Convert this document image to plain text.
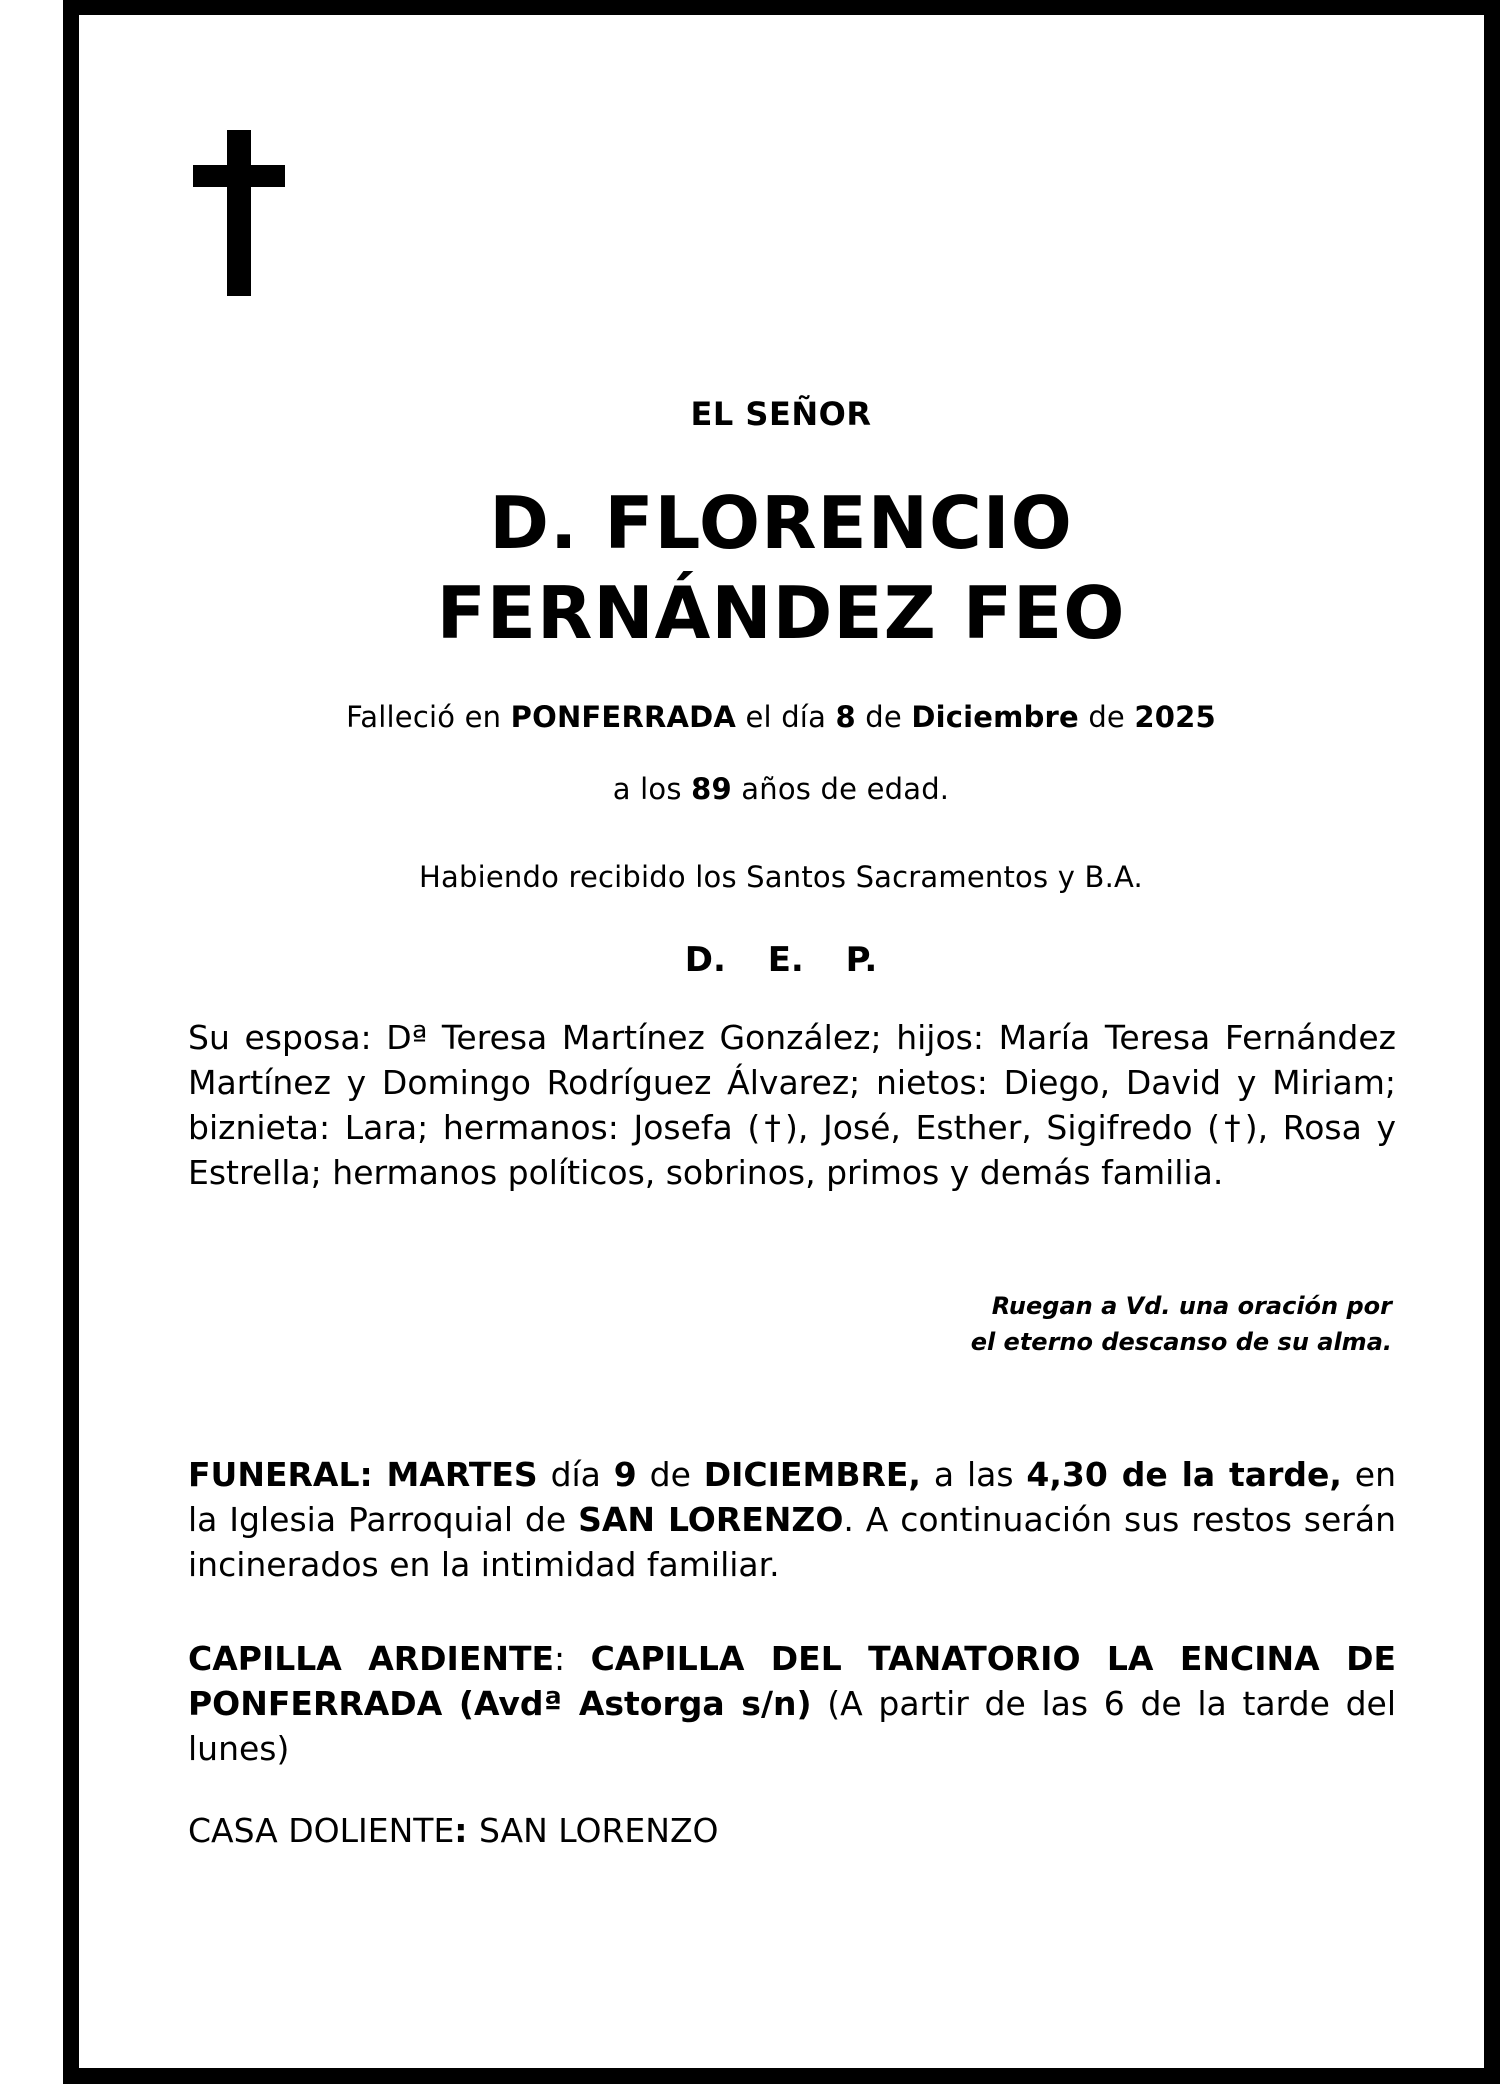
EL SEÑOR
D. FLORENCIO
FERNÁNDEZ FEO
Falleció en PONFERRADA el día 8 de Diciembre de 2025
a los 89 años de edad.
Habiendo recibido los Santos Sacramentos y B.A.
D. E. P.
Su esposa: Dª Teresa Martínez González; hijos: María Teresa Fernández Martínez y Domingo Rodríguez Álvarez; nietos: Diego, David y Miriam; biznieta: Lara; hermanos: Josefa (†), José, Esther, Sigifredo (†), Rosa y Estrella; hermanos políticos, sobrinos, primos y demás familia.
Ruegan a Vd. una oración por
el eterno descanso de su alma.
FUNERAL: MARTES día 9 de DICIEMBRE, a las 4,30 de la tarde, en la Iglesia Parroquial de SAN LORENZO. A continuación sus restos serán incinerados en la intimidad familiar.
CAPILLA ARDIENTE: CAPILLA DEL TANATORIO LA ENCINA DE PONFERRADA (Avdª Astorga s/n) (A partir de las 6 de la tarde del lunes)
CASA DOLIENTE: SAN LORENZO
